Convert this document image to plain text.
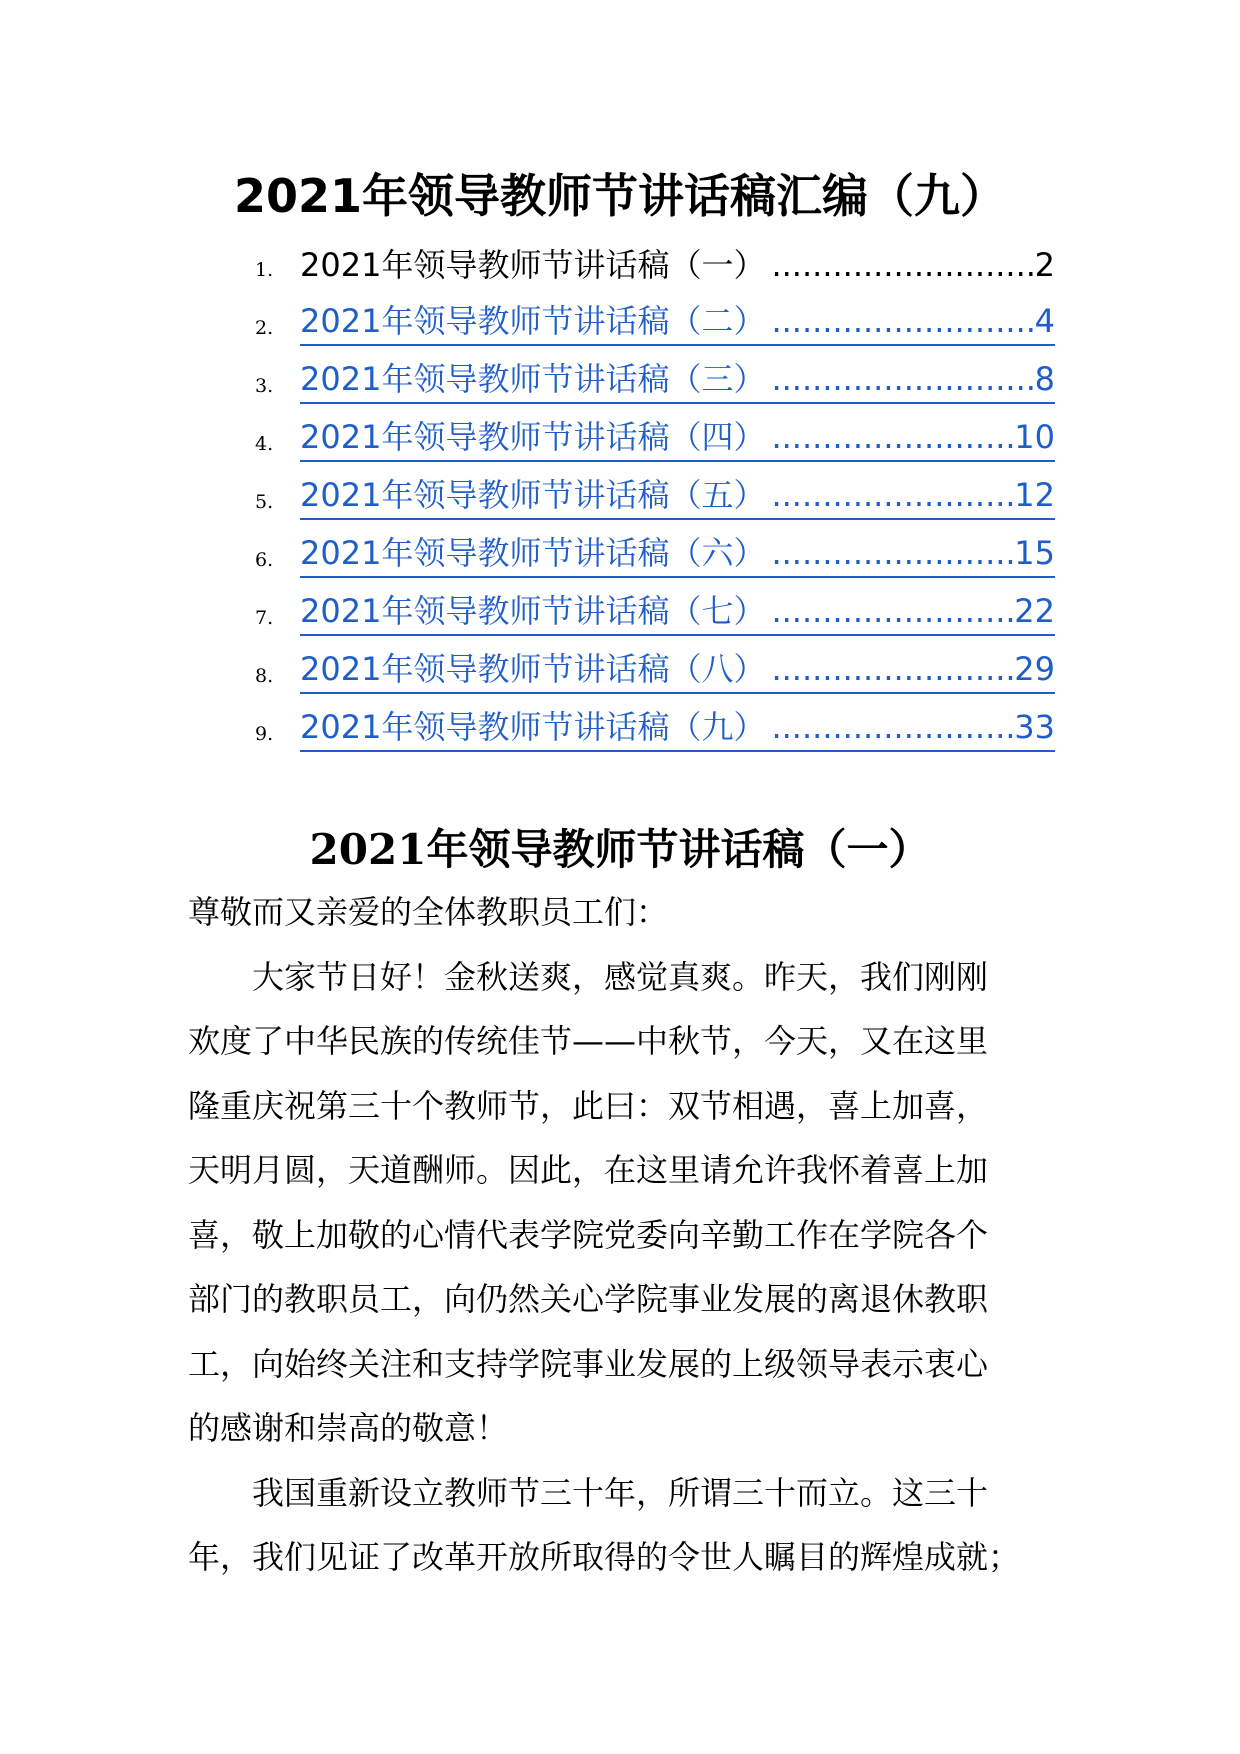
2021年领导教师节讲话稿汇编（九）
1. 2021年领导教师节讲话稿（一） .....	2
2. 2021年领导教师节讲话稿（二） .....	4
3. 2021年领导教师节讲话稿（三） .....	8
4. 2021年领导教师节讲话稿（四） .....	10
5. 2021年领导教师节讲话稿（五） .....	12
6. 2021年领导教师节讲话稿（六） .....	15
7. 2021年领导教师节讲话稿（七） .....	22
8. 2021年领导教师节讲话稿（八） .....	29
9. 2021年领导教师节讲话稿（九） .....	33
2021年领导教师节讲话稿（一）

尊敬而又亲爱的全体教职员工们：

大家节日好！金秋送爽，感觉真爽。昨天，我们刚刚
欢度了中华民族的传统佳节——中秋节，今天，又在这里
隆重庆祝第三十个教师节，此曰：双节相遇，喜上加喜，
天明月圆，天道酬师。因此，在这里请允许我怀着喜上加
喜，敬上加敬的心情代表学院党委向辛勤工作在学院各个
部门的教职员工，向仍然关心学院事业发展的离退休教职
工，向始终关注和支持学院事业发展的上级领导表示衷心
的感谢和崇高的敬意！
我国重新设立教师节三十年，所谓三十而立。这三十
年，我们见证了改革开放所取得的令世人瞩目的辉煌成就；
